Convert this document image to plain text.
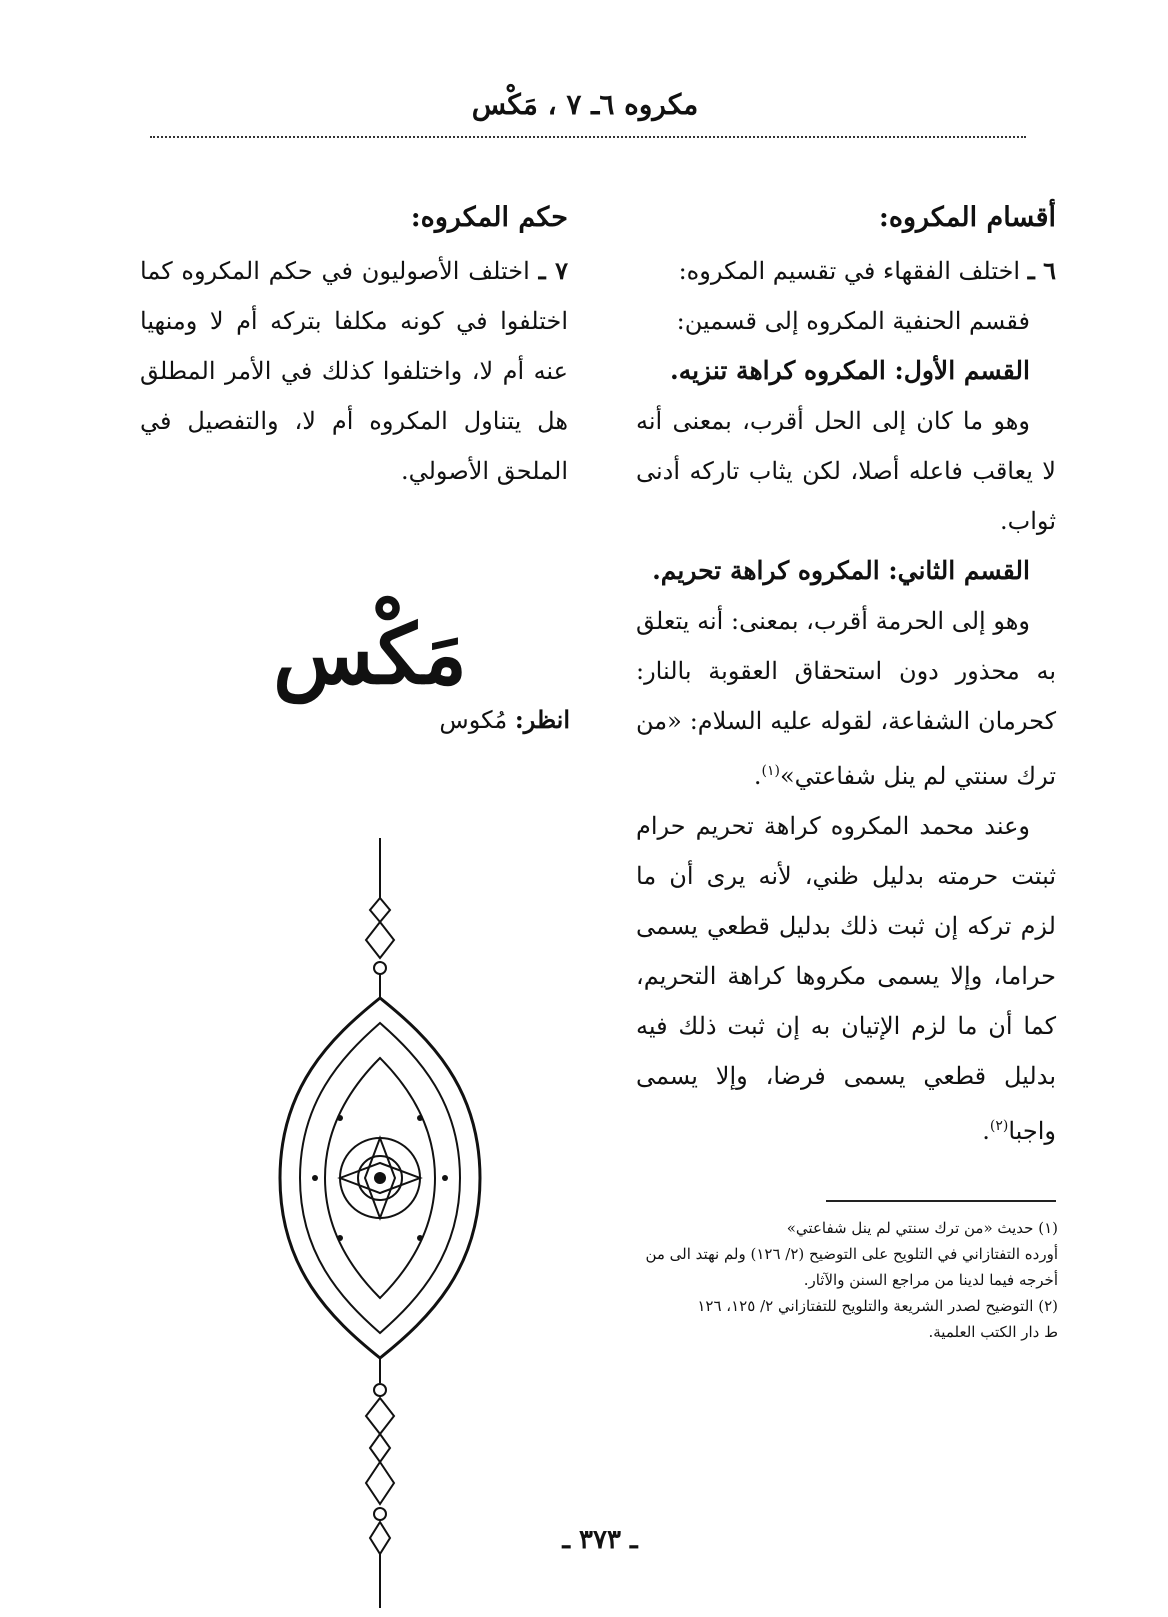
مكروه ٦ـ ٧ ، مَكْس
أقسام المكروه:

٦ ـ اختلف الفقهاء في تقسيم المكروه:

فقسم الحنفية المكروه إلى قسمين:

القسم الأول: المكروه كراهة تنزيه.

وهو ما كان إلى الحل أقرب، بمعنى أنه لا يعاقب فاعله أصلا، لكن يثاب تاركه أدنى ثواب.

القسم الثاني: المكروه كراهة تحريم.

وهو إلى الحرمة أقرب، بمعنى: أنه يتعلق به محذور دون استحقاق العقوبة بالنار: كحرمان الشفاعة، لقوله عليه السلام: «من ترك سنتي لم ينل شفاعتي»$^{(١)}$.

وعند محمد المكروه كراهة تحريم حرام ثبتت حرمته بدليل ظني، لأنه يرى أن ما لزم تركه إن ثبت ذلك بدليل قطعي يسمى حراما، وإلا يسمى مكروها كراهة التحريم، كما أن ما لزم الإتيان به إن ثبت ذلك فيه بدليل قطعي يسمى فرضا، وإلا يسمى واجبا$^{(٢)}$.

حكم المكروه:

٧ ـ اختلف الأصوليون في حكم المكروه كما اختلفوا في كونه مكلفا بتركه أم لا ومنهيا عنه أم لا، واختلفوا كذلك في الأمر المطلق هل يتناول المكروه أم لا، والتفصيل في الملحق الأصولي.

مَكْس
انظر: مُكوس

(١) حديث «من ترك سنتي لم ينل شفاعتي»

أورده التفتازاني في التلويح على التوضيح (٢/ ١٢٦) ولم نهتد الى من أخرجه فيما لدينا من مراجع السنن والآثار.

(٢) التوضيح لصدر الشريعة والتلويح للتفتازاني ٢/ ١٢٥، ١٢٦

ط دار الكتب العلمية.

ـ ٣٧٣ ـ
